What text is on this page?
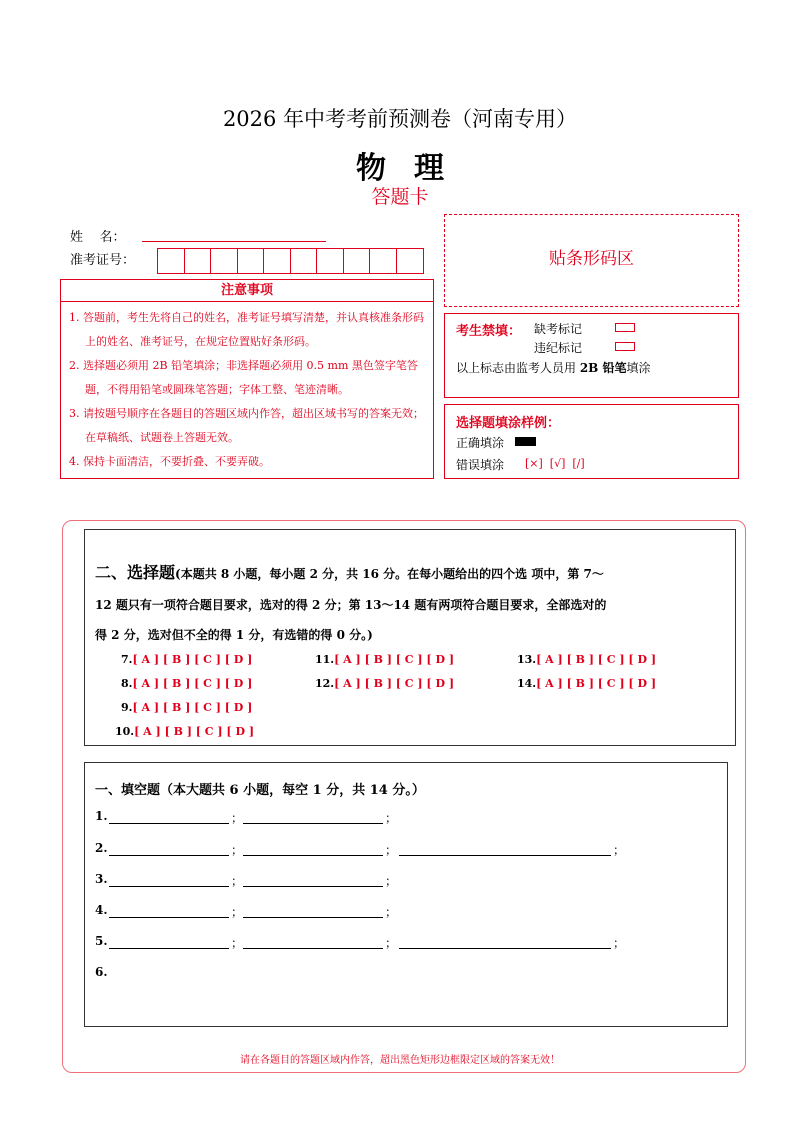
2026 年中考考前预测卷（河南专用）
物理
答题卡
姓    名：
准考证号：
注意事项
1. 答题前，考生先将自己的姓名，准考证号填写清楚，并认真核准条形码上的姓名、准考证号，在规定位置贴好条形码。
2. 选择题必须用 2B 铅笔填涂；非选择题必须用 0.5 mm 黑色签字笔答题，不得用铅笔或圆珠笔答题；字体工整、笔迹清晰。
3. 请按题号顺序在各题目的答题区域内作答，超出区域书写的答案无效；在草稿纸、试题卷上答题无效。
4. 保持卡面清洁，不要折叠、不要弄破。
贴条形码区
考生禁填： 缺考标记
违纪标记
以上标志由监考人员用 2B 铅笔填涂
选择题填涂样例：
正确填涂
错误填涂 [×]  [√]  [/]
二、选择题(本题共 8 小题，每小题 2 分，共 16 分。在每小题给出的四个选 项中，第 7～
12 题只有一项符合题目要求，选对的得 2 分；第 13～14 题有两项符合题目要求，全部选对的
得 2 分，选对但不全的得 1 分，有选错的得 0 分。)
7.[ A ] [ B ] [ C ] [ D ]
8.[ A ] [ B ] [ C ] [ D ]
9.[ A ] [ B ] [ C ] [ D ]
10.[ A ] [ B ] [ C ] [ D ]
11.[ A ] [ B ] [ C ] [ D ]
12.[ A ] [ B ] [ C ] [ D ]
13.[ A ] [ B ] [ C ] [ D ]
14.[ A ] [ B ] [ C ] [ D ]
一、填空题（本大题共 6 小题，每空 1 分，共 14 分。）
1.	；	；
2.	；	；	；
3.	；	；
4.	；	；
5.	；	；	；
6.
请在各题目的答题区域内作答，超出黑色矩形边框限定区域的答案无效！
